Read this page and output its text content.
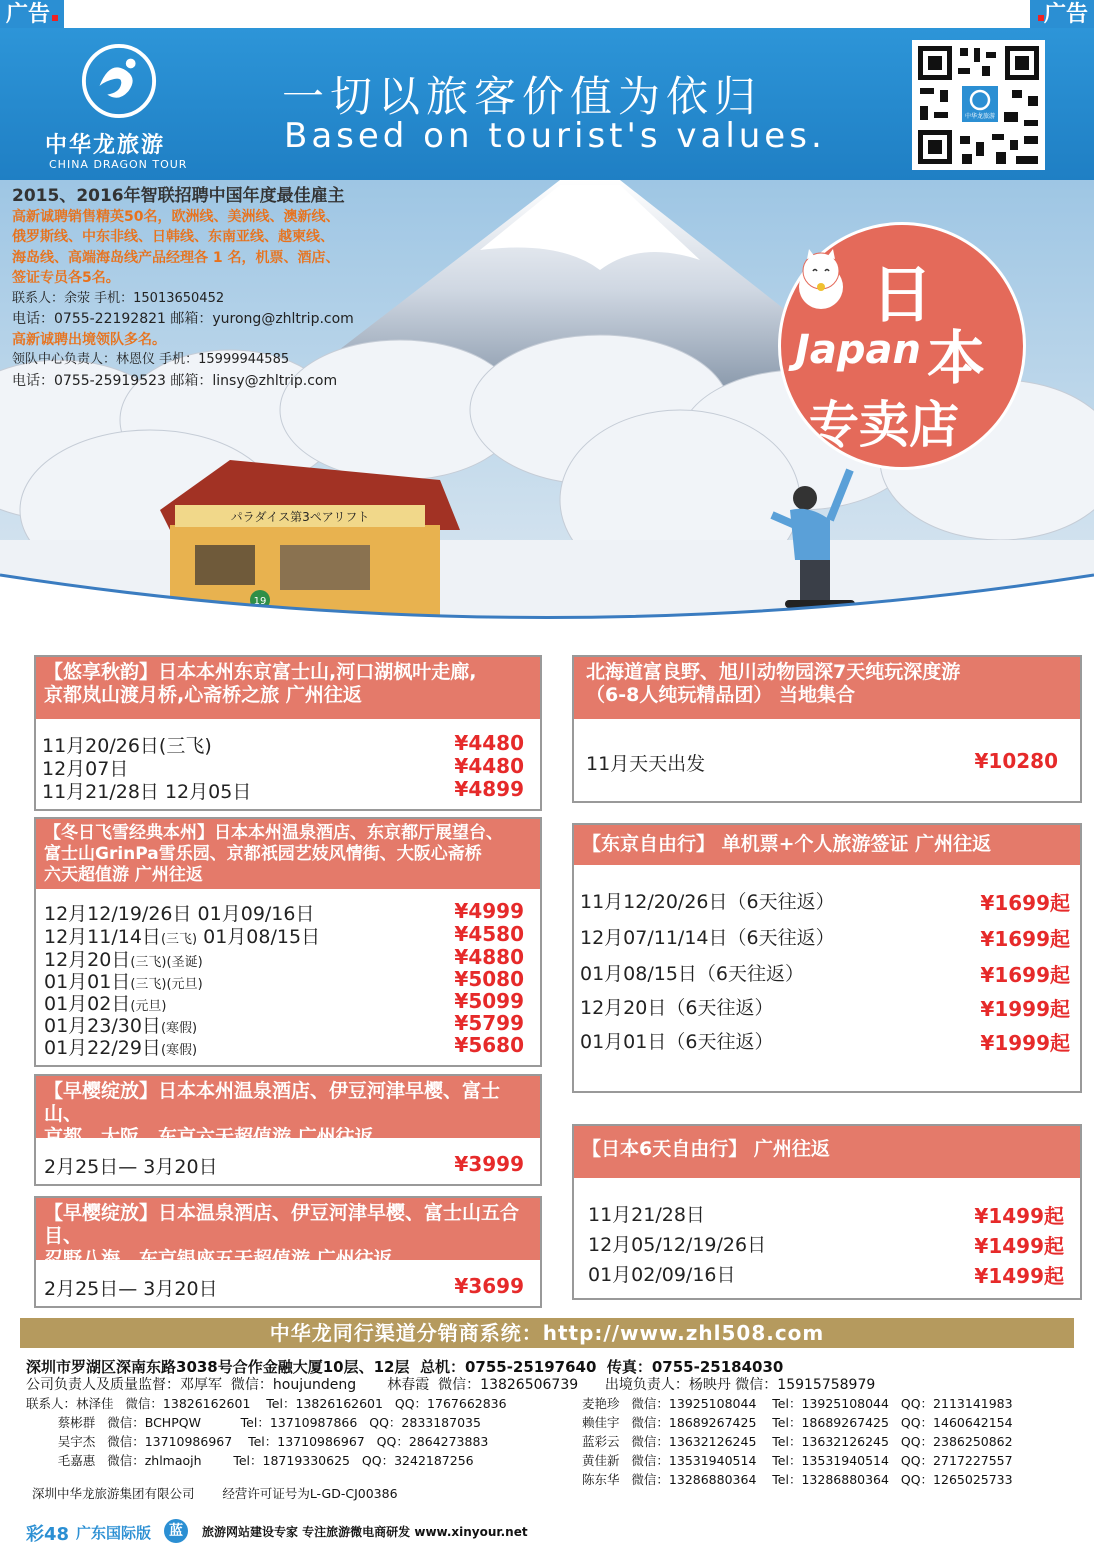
广告	广告
中华龙旅游
CHINA DRAGON TOUR
一切以旅客价值为依归
Based on tourist's values.	中华龙旅游
パラダイス第3ペアリフト
19
2015、2016年智联招聘中国年度最佳雇主
高新诚聘销售精英50名，欧洲线、美洲线、澳新线、
俄罗斯线、中东非线、日韩线、东南亚线、越柬线、
海岛线、高端海岛线产品经理各 1 名，机票、酒店、
签证专员各5名。
联系人：余荥 手机：15013650452
电话：0755-22192821 邮箱：yurong@zhltrip.com
高新诚聘出境领队多名。
领队中心负责人：林恩仪 手机：15999944585
电话：0755-25919523 邮箱：linsy@zhltrip.com
日
Japan 本
专卖店
【悠享秋韵】日本本州东京富士山,河口湖枫叶走廊,
京都岚山渡月桥,心斋桥之旅 广州往返
11月20/26日(三飞)	¥4480
12月07日	¥4480
11月21/28日 12月05日	¥4899
【冬日飞雪经典本州】日本本州温泉酒店、东京都厅展望台、
富士山GrinPa雪乐园、京都祇园艺妓风情街、大阪心斋桥
六天超值游 广州往返
12月12/19/26日 01月09/16日	¥4999
12月11/14日(三飞) 01月08/15日	¥4580
12月20日(三飞)(圣诞)	¥4880
01月01日(三飞)(元旦)	¥5080
01月02日(元旦)	¥5099
01月23/30日(寒假)	¥5799
01月22/29日(寒假)	¥5680
【早樱绽放】日本本州温泉酒店、伊豆河津早樱、富士山、
京都、大阪、东京六天超值游 广州往返
2月25日— 3月20日	¥3999
【早樱绽放】日本温泉酒店、伊豆河津早樱、富士山五合目、
忍野八海、东京银座五天超值游 广州往返
2月25日— 3月20日	¥3699
北海道富良野、旭川动物园深7天纯玩深度游
（6-8人纯玩精品团） 当地集合
11月天天出发	¥10280
【东京自由行】 单机票+个人旅游签证 广州往返
11月12/20/26日（6天往返）	¥1699起
12月07/11/14日（6天往返）	¥1699起
01月08/15日（6天往返）	¥1699起
12月20日（6天往返）	¥1999起
01月01日（6天往返）	¥1999起
【日本6天自由行】 广州往返
11月21/28日	¥1499起
12月05/12/19/26日	¥1499起
01月02/09/16日	¥1499起
中华龙同行渠道分销商系统：http://www.zhl508.com
深圳市罗湖区深南东路3038号合作金融大厦10层、12层  总机：0755-25197640  传真：0755-25184030
公司负责人及质量监督：邓厚军  微信：houjundeng       林春霞  微信：13826506739      出境负责人：杨映丹 微信：15915758979
联系人：林泽佳   微信：13826162601    Tel：13826162601   QQ：1767662836
蔡彬群   微信：BCHPQW          Tel：13710987866   QQ：2833187035
吴宇杰   微信：13710986967    Tel：13710986967   QQ：2864273883
毛嘉惠   微信：zhlmaojh        Tel：18719330625   QQ：3242187256
麦艳珍   微信：13925108044    Tel：13925108044   QQ：2113141983
赖佳宇   微信：18689267425    Tel：18689267425   QQ：1460642154
蓝彩云   微信：13632126245    Tel：13632126245   QQ：2386250862
黄佳新   微信：13531940514    Tel：13531940514   QQ：2717227557
陈东华   微信：13286880364    Tel：13286880364   QQ：1265025733
深圳中华龙旅游集团有限公司       经营许可证号为L-GD-CJ00386
彩48 广东国际版	蓝	旅游网站建设专家 专注旅游微电商研发 www.xinyour.net
